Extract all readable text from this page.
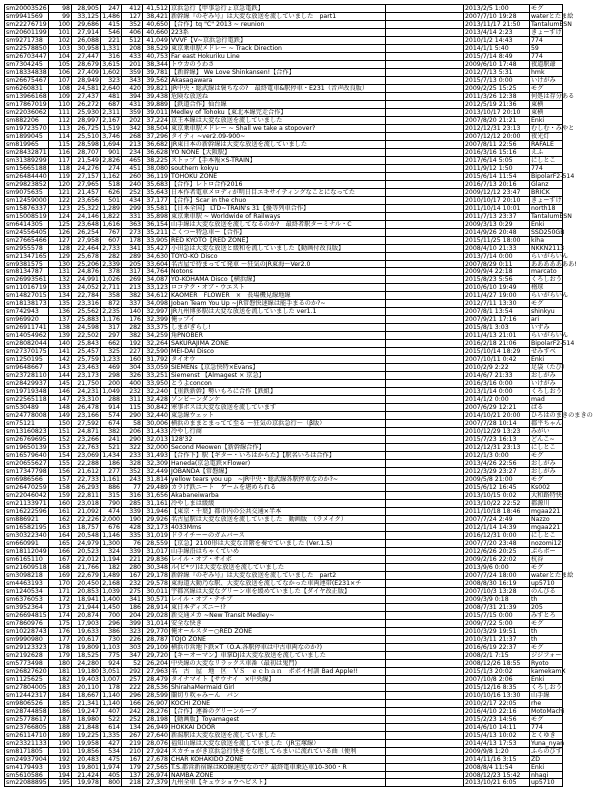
sm20003526	98	28,905	247	412	41,512	京浜急行【甲事急行ょ京急電鉄】		2013/2/5 1:00	モグ
sm9941569	99	33,125	1,486	127	38,421	新幹線『のぞみ号』は大変な放送を流していました　part1		2007/7/10 19:28	waterとたま絵
sm22276719	100	29,686	415	352	40,650	【合作】tq "C" 2013 ~ reunion		2013/11/17 21:50	TantalumESN
sm20601199	101	27,914	546	406	40,660	223系		2013/4/14 2:23	きょーすけ
sm9271738	102	26,088	221	512	41,049	VVVF【V~京浜急行電鉄】		2010/1/2 14:43	774
sm22578850	103	30,958	1,331	208	38,529	東京乗車駅メドレー ~ Track Direction		2014/1/1 5:40	59
sm26703447	104	27,447	316	433	40,753	Far east Hokuriku Line		2015/7/14 8:49	774
sm7304245	105	28,679	3,615	201	38,344	トウカのうわさ		2009/6/10 17:48	夜道駅爺
sm18334838	106	27,409	1,602	359	39,781	【新幹線】 We Love Shinkansen!【合作】		2012/7/13 5:31	hmk
sm26675467	107	28,949	323	343	39,562	Akasagawara		2015/7/13 0:00	いけがみ
sm6260831	108	24,581	2,640	420	39,821	JR中央・総武線は褒ちなの?　最終電車&駅停車・E231（音声改良版）		2009/2/25 15:25	モグ
sm13966168	109	27,437	481	394	39,438	危険な放送ね		2011/3/26 12:38	何処は存分ある
sm17867019	110	26,272	687	431	39,889	【鉄道合作】仙台線		2012/5/19 21:36	東横
sm22036062	111	25,930	2,311	359	39,011	Medley of Tohoku【東北本線完走合作】		2013/10/17 20:10	東横
sm882206	112	28,997	2,167	202	37,224	京王本線は大変な放送を流していました		2007/8/20 21:21	Enki
sm19723570	113	26,725	1,519	342	38,504	東京乗車駅メドレー ~ Shall we take a stopover?		2012/12/31 23:13	むしむ・みやと
sm1899045	114	25,510	3,746	268	37,296	タイティ ~ver2.09-900~		2007/12/12 20:00	夜光灯
sm819965	115	28,598	1,694	213	36,682	JR東日本の新幹線は大変な放送を流していました		2007/8/11 22:56	RAFALE
sm28432871	116	28,707	901	234	36,628	YO NONE【大阪駅】		2016/3/16 15:16	えふ
sm31389299	117	21,549	2,826	465	38,225	ストップ【手本報×S-TRAIN】		2017/6/14 5:05	にしとこ
sm15665188	118	24,276	274	451	38,080	southern kokyu		2011/9/12 1:50	774
sm26484440	119	27,157	1,162	260	36,119	TOHOKU ZONE		2015/6/14 11:54	BipolarF2-514
sm29823852	120	27,965	518	240	35,683	【合作】レトロ合作2016		2016/7/13 20:16	Glanz
sm9075635	121	21,457	626	252	35,643	日本作者電車メロディが明日目エキサイティングなことになってた		2009/12/12 23:47	BRICK
sm12459000	122	23,656	501	434	37,177	【合作】Scar in the chuo		2010/10/17 20:10	きょーすけ
sm15876337	123	25,322	1,289	299	35,581	【日本全国】 LTD~TRAIN's 31【優等列車合作】		2011/10/14 10:01	north18
sm15008519	124	24,146	1,822	331	35,898	東京乗車駅 ~ Worldwide of Railways		2011/7/13 23:37	TantalumESN
sm6414305	125	23,648	1,616	363	36,154	山手線は大変な放送を流してなるのか?　最終者駅ターミナル・C		2009/3/13 0:29	Enki
sm24556405	126	26,254	767	273	35,211	こくつー特急車ー【合作】		2014/9/26 20:48	SSD250GB
sm27665466	127	27,958	607	178	33,905	RED KYOTO【RED ZONE】		2015/11/25 18:00	kiha
sm2955578	128	22,464	2,733	341	35,427	小田急は大変な放送と緩和を流していました【動画付改良版】		2008/4/10 21:33	NKKN2113
sm21347165	129	25,678	282	289	34,630	TOYO-KO Disco		2013/7/14 0:00	らいがらいん
sm9381575	130	25,206	2,339	205	33,604	名古屋で待まってて発車 ～狂気のJR東海～Ver2.0		2007/8/29 0:11	あああああああ!
sm8134787	131	24,876	378	317	34,764	Notons		2009/9/4 22:18	marcato
sm26993561	132	24,991	1,026	269	34,087	YO-KOHAMA Disco【横浜線】		2015/8/23 5:56	くろしおう
sm11016719	133	24,052	2,711	213	33,123	ロコテク・オブ・ウエスト		2010/6/10 19:49	楕球
sm14827015	134	22,784	358	382	34,612	KAOMER　FLOWER　×　長場機見線地線		2011/4/27 19:00	らいがらいん
sm18138173	135	23,316	872	337	34,098	Joban Team You Up ~JR常磐快速線は能手まるのか?~		2012/7/11 13:30	モグ
sm742943	136	25,562	2,235	140	32,997	JR九州博多駅は大変な放送を流していました ver1.1		2007/8/1 13:54	shinkyu
sm969920	137	25,883	1,176	176	32,399	俺ップイ		2007/9/21 17:16	ari
sm26911741	138	24,598	317	282	33,375	しまがぎらし!		2015/8/1 3:03	いずみ
sm14054962	139	22,502	297	382	34,259	角PNOBER		2011/4/13 21:01	らいがらいん
sm28082044	140	25,843	662	192	32,264	SAKURAJIMA ZONE		2016/2/18 21:06	BipolarF2-514
sm27370175	141	25,457	325	227	32,590	MEI-DAI Disco		2015/10/14 18:29	せみすべ
sm1250195	142	25,759	1,233	160	31,792	タイオウ		2007/10/11 0:42	Enki
sm9648667	143	23,463	469	304	33,059	SIEMENs【京急快特×Evans】		2010/2/9 2:22	足袋（たび）
sm23728110	144	23,173	298	326	33,251	Siemenst 【Almagest × 京急】		2014/6/7 21:33	おしがみ
sm28429937	145	21,750	200	400	33,950	とうよconcon		2016/3/16 0:00	いけがみ
sm19719348	146	24,231	1,049	232	32,240	【重鉄新幹】勢いもろに合作【鉄組】		2013/1/14 0:00	くろしおう
sm22565118	147	23,310	288	311	32,428	ゾンビ～ンダンケ		2014/1/2 0:00	mad
sm530489	148	26,478	914	115	30,842	寒事ボスは大変な放送を流しています		2007/6/29 12:21	ばる
sm24778008	149	23,166	574	290	32,440	東急線ウェット		2014/10/21 20:00	ひろはのまきのまきの
sm75121	150	27,592	674	58	30,006	横浜のままとまってて至る ～狂気の京浜急行～（β版）		2007/7/28 10:14	郡平ちゃん
sm13160823	151	24,871	382	206	31,433	冷やし行商		2010/12/29 13:23	みがい
sm26769695	152	23,266	241	290	32,013	128'32		2015/7/23 16:13	どんこ~
sm19650139	153	22,763	521	322	32,000	Second Meowen【新幹線合作】		2012/12/31 23:13	にしとこ
sm16579640	154	23,069	1,434	233	31,493	【合作下】駅【ギター・いろはからた】【駅名いろは合作】		2012/1/3 0:00	モグ
sm20655627	155	22,288	186	328	32,309	Haneda(京急電鉄×Flower)		2013/4/26 22:56	おしがみ
sm17347798	156	21,612	277	352	32,449	JOBANDA【常磐線】		2012/3/29 23:27	おしがみ
sm6986566	157	22,733	1,161	243	31,814	yellow tears you up　~JR中央・総武線各駅停車なのか?~		2009/5/8 21:00	モグ
sm26470259	158	26,293	886	77	29,489	カラげ鉄ニート　ゲームを堪められる		2015/6/12 16:45	Ks002
sm22046042	159	22,811	315	316	31,656	Akabaneiwarba		2013/10/15 0:02	大和路特快
sm21133971	160	23,018	790	285	31,161	冷やしまは緩緩		2013/10/22 22:52	都源川
sm16222596	161	21,092	474	339	31,946	【東京・千葉】都市内の公共交通×半本		2011/10/18 18:46	mgaa221
sm886921	162	22,226	2,000	190	29,926	名古屋駅は大変な放送を流していました　動画版　（ラメイク）		2007/7/24 2:49	Nazzo
sm16582195	163	18,757	676	428	32,173	4033Mms		2012/1/14 14:39	mgaa221
sm30322340	164	20,548	1,146	335	31,019	ドライチーーのガムバース		2016/12/31 0:00	にしとこ
sm660991	165	24,979	1,300	76	28,559	【京急】2100形は大変な音階を奏でていました (Ver.1.5)		2007/7/20 23:48	nozomi12
sm18112049	166	20,523	324	339	31,017	山手線沿はちゃくていめ		2012/6/26 20:25	ぷらボー
sm6165110	167	22,012	1,194	221	29,836	レイル・オブ・サイボ		2009/2/16 22:02	杭谷
sm21609518	168	21,766	182	280	30,348	ル(ビ*ツ)は大変な放送を流していました		2013/9/6 0:00	モグ
sm3098218	169	22,679	1,489	167	29,178	新幹線『のぞみ号』は大変な放送を流していました　part2		2007/7/24 18:00	waterとたま絵
sm4463193	170	20,450	2,168	232	29,578	東海道大動乃な駅、大変な放送を流してなかった車両連帯(E231×チ		2008/8/30 16:19	up5710
sm1240534	171	20,853	1,039	275	30,011	宇都宮線は大変なグリーン車を緩めていました【ダイヤ改正版】		2007/10/3 13:28	のんびる
sm6376053	172	18,941	1,400	341	30,571	レイル・オブ・テチブ		2009/3/9 0:18	th
sm3952364	173	21,944	1,450	186	28,914	東日本ディズニー!?		2008/7/31 21:39	205
sm26694815	174	20,874	700	204	29,028	新交通メカ ~New Transit Medley~		2015/7/15 0:00	みすとろ
sm7860976	175	17,903	296	399	31,014	安全な快き		2009/7/22 5:00	モグ
sm10228743	176	19,633	386	323	29,770	俺オールスター○RED ZONE		2010/3/29 19:51	th
sm9990980	177	20,617	730	226	28,787	TOJO ZONE		2010/3/11 21:37	th
sm29123323	178	19,809	1,103	303	29,109	横浜市営地下鉄×T（O.A.各駅停車は中古車両なのか?)		2016/6/19 22:37	モグ
sm2192628	179	18,525	775	347	29,720	【キーオーマン】車掌DJは大変な放送を流していました		2008/2/1 7:15	ジジフォー
sm5773498	180	24,280	924	52	26,204	中央線の大変なリラックス車番（最初は鬼門)		2008/12/26 18:55	Ryoto
sm26827620	181	19,180	3,051	292	27,963	名　古　屋　地　区　ＶＳ　ｅｃｈａｎ　ポポイ村訓 Bad Apple!!		2015/1/3 20:02	kamekamX
sm1125625	182	19,403	1,007	257	28,479	タイナマイト【サウナイ　×中央線】		2007/10/8 2:06	Enki
sm27804005	183	20,110	178	222	28,536	ShirahaMermaid Girl		2015/12/16 8:35	くろしおう
sm12442317	184	18,667	1,140	296	28,599	蘭切り吹ゃみーん　バン		2010/10/16 13:30	山手線
sm9806526	185	21,341	1,140	166	26,907	KOCHI ZONE		2010/2/17 22:05	rhe
sm28744858	186	19,247	407	242	28,276	【合作】連番のグリーンルーブ		2016/4/10 22:16	MotoMachi
sm25778617	187	18,980	522	252	28,198	【動画版】Toyamagest		2015/2/23 14:56	モグ
sm23766805	188	21,848	614	134	26,949	HOKKAI DOOR		2014/6/10 14:11	774
sm26114710	189	19,225	1,335	267	27,640	新潟駅は大変な放送を流していました		2015/4/13 10:02	とくゆき
sm23321133	190	19,958	427	219	28,076	福知山線は大変な放送を流していました（JR宝塚線）		2014/4/13 17:53	Yuna_nyan
sm8171805	191	19,856	534	210	27,924	スカチョがき京浜急行快きをな抱してらまいに流れている曲（便利		2009/9/8 1:20	ふらのびす
sm24937904	192	20,483	475	167	27,678	CHAR KOHAKIDO ZONE		2014/11/16 3:15	ZD
sm4179493	193	19,801	1,974	179	27,565	T.S.都営新宿線はKO線速度なので？最終電車乗込車10-300・R		2008/8/4 11:54	Enki
sm5610586	194	21,424	405	137	26,974	NAMBA ZONE		2008/12/23 15:42	nhagi
sm22088895	195	19,978	800	218	27,379	九州全車【キュウショウヘビスト】		2013/10/21 6:05	up5710
